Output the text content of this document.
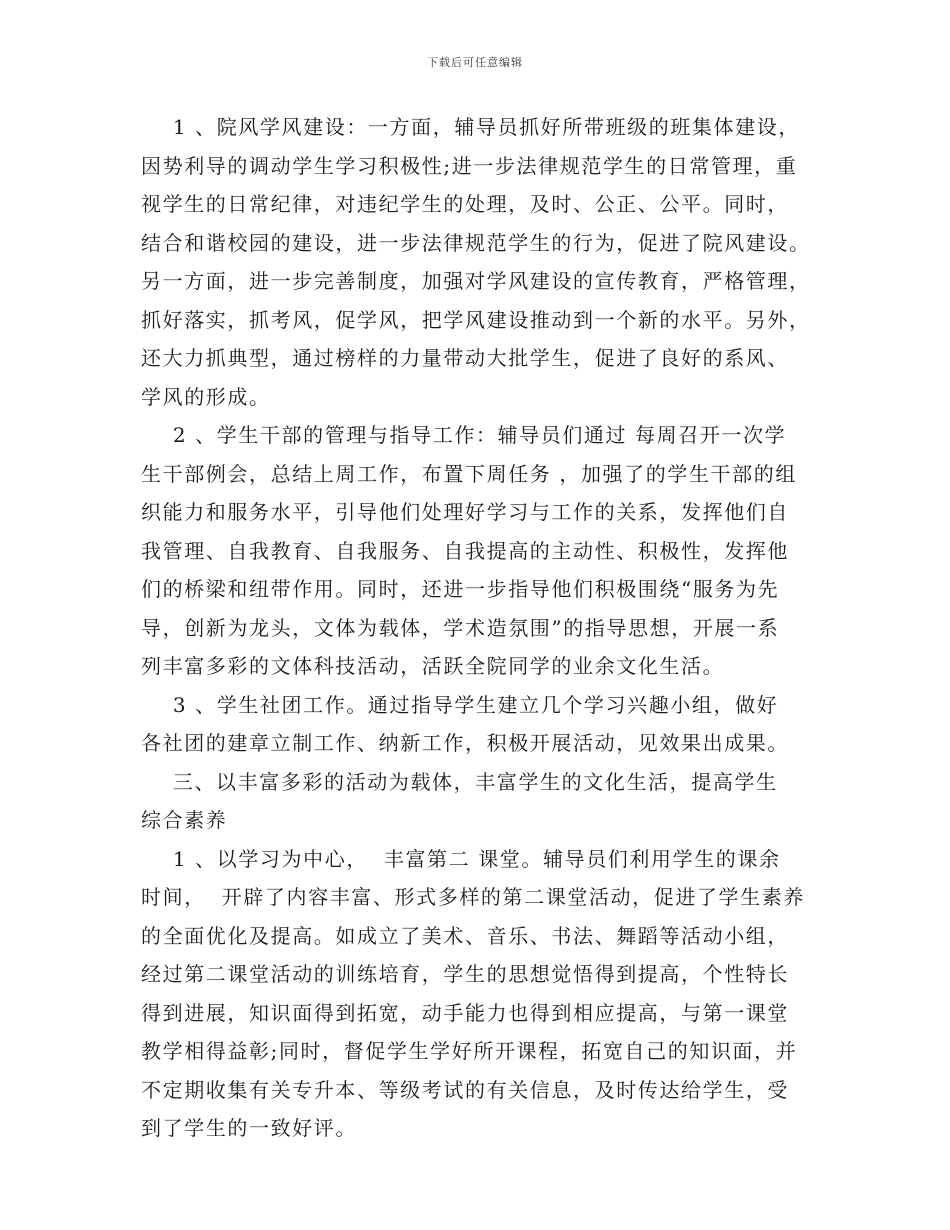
下载后可任意编辑

1 、院风学风建设：一方面，辅导员抓好所带班级的班集体建设，

因势利导的调动学生学习积极性;进一步法律规范学生的日常管理，重

视学生的日常纪律，对违纪学生的处理，及时、公正、公平。同时，

结合和谐校园的建设，进一步法律规范学生的行为，促进了院风建设。

另一方面，进一步完善制度，加强对学风建设的宣传教育，严格管理，

抓好落实，抓考风，促学风，把学风建设推动到一个新的水平。另外，

还大力抓典型，通过榜样的力量带动大批学生，促进了良好的系风、

学风的形成。

2 、学生干部的管理与指导工作：辅导员们通过 每周召开一次学

生干部例会，总结上周工作，布置下周任务 ，加强了的学生干部的组

织能力和服务水平，引导他们处理好学习与工作的关系，发挥他们自

我管理、自我教育、自我服务、自我提高的主动性、积极性，发挥他

们的桥梁和纽带作用。同时，还进一步指导他们积极围绕“服务为先

导，创新为龙头，文体为载体，学术造氛围”的指导思想，开展一系

列丰富多彩的文体科技活动，活跃全院同学的业余文化生活。

3 、学生社团工作。通过指导学生建立几个学习兴趣小组，做好

各社团的建章立制工作、纳新工作，积极开展活动，见效果出成果。

三、以丰富多彩的活动为载体，丰富学生的文化生活，提高学生

综合素养

1 、以学习为中心，  丰富第二 课堂。辅导员们利用学生的课余

时间，  开辟了内容丰富、形式多样的第二课堂活动，促进了学生素养

的全面优化及提高。如成立了美术、音乐、书法、舞蹈等活动小组，

经过第二课堂活动的训练培育，学生的思想觉悟得到提高，个性特长

得到进展，知识面得到拓宽，动手能力也得到相应提高，与第一课堂

教学相得益彰;同时，督促学生学好所开课程，拓宽自己的知识面，并

不定期收集有关专升本、等级考试的有关信息，及时传达给学生，受

到了学生的一致好评。
